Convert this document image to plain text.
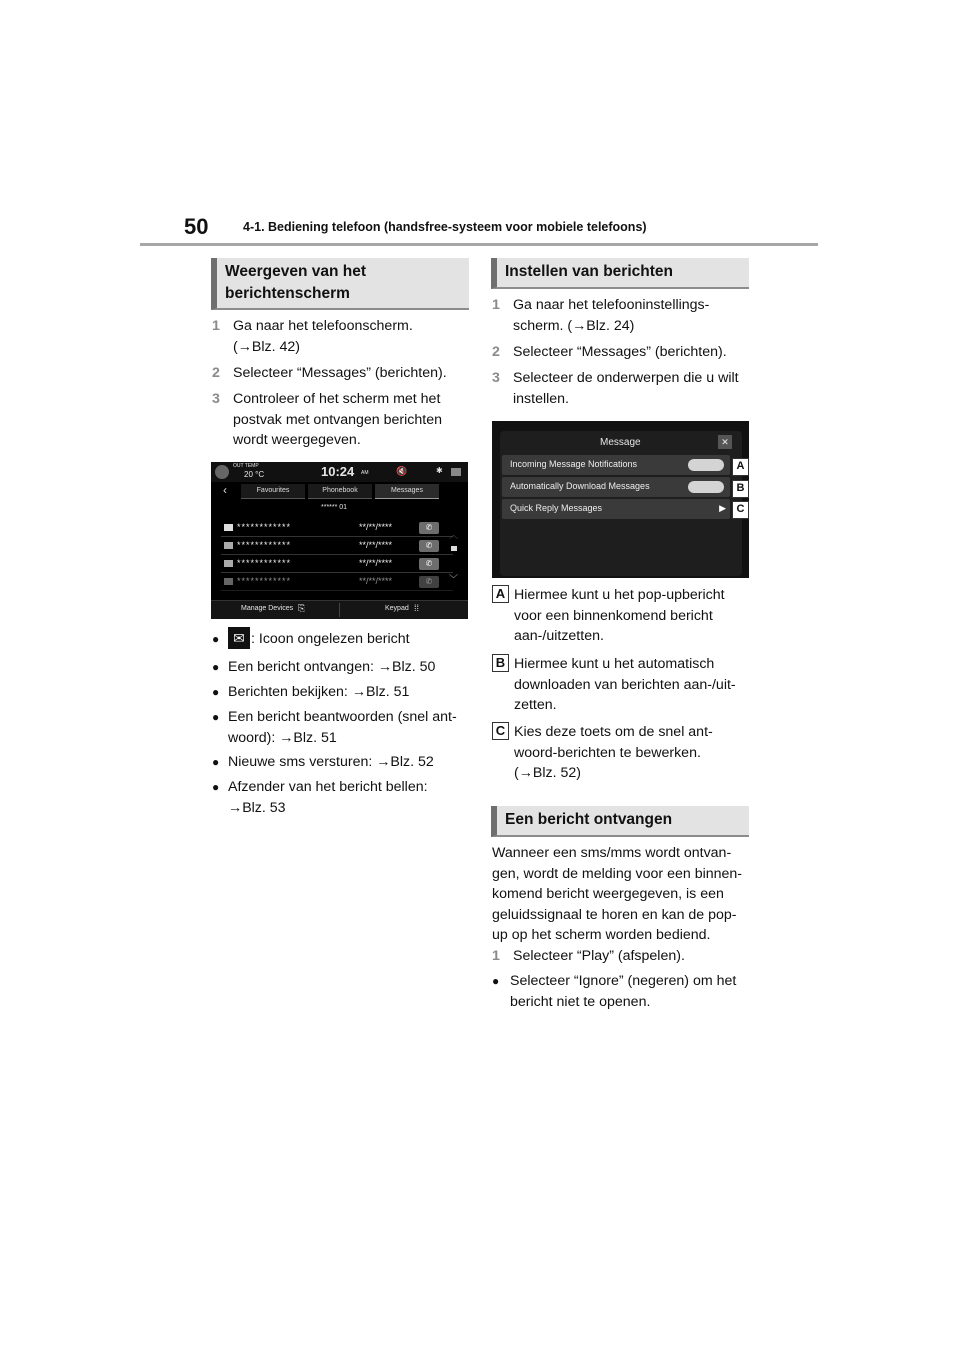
50	4-1. Bediening telefoon (handsfree-systeem voor mobiele telefoons)
Weergeven van het
berichtenscherm
1 Ga naar het telefoonscherm.
(→Blz. 42)
2 Selecteer “Messages” (berichten).
3 Controleer of het scherm met het
postvak met ontvangen berichten
wordt weergegeven.
OUT TEMP
20 °C	10:24 AM	🔇	✱
‹	Favourites	Phonebook	Messages
****** 01
************	**/**/****	✆
************	**/**/****	✆
************	**/**/****	✆
************	**/**/****	✆
︿
﹀
Manage Devices ⎘	Keypad ⁞⁞
● ✉ : Icoon ongelezen bericht
● Een bericht ontvangen: →Blz. 50
● Berichten bekijken: →Blz. 51
● Een bericht beantwoorden (snel ant-
woord): →Blz. 51
● Nieuwe sms versturen: →Blz. 52
● Afzender van het bericht bellen:
→Blz. 53
Instellen van berichten
1 Ga naar het telefooninstellings-
scherm. (→Blz. 24)
2 Selecteer “Messages” (berichten).
3 Selecteer de onderwerpen die u wilt
instellen.
Message	✕
Incoming Message Notifications
Automatically Download Messages
Quick Reply Messages	▶
A
B
C
A Hiermee kunt u het pop-upbericht
voor een binnenkomend bericht
aan-/uitzetten.
B Hiermee kunt u het automatisch
downloaden van berichten aan-/uit-
zetten.
C Kies deze toets om de snel ant-
woord-berichten te bewerken.
(→Blz. 52)
Een bericht ontvangen
Wanneer een sms/mms wordt ontvan-
gen, wordt de melding voor een binnen-
komend bericht weergegeven, is een
geluidssignaal te horen en kan de pop-
up op het scherm worden bediend.
1 Selecteer “Play” (afspelen).
● Selecteer “Ignore” (negeren) om het
bericht niet te openen.
